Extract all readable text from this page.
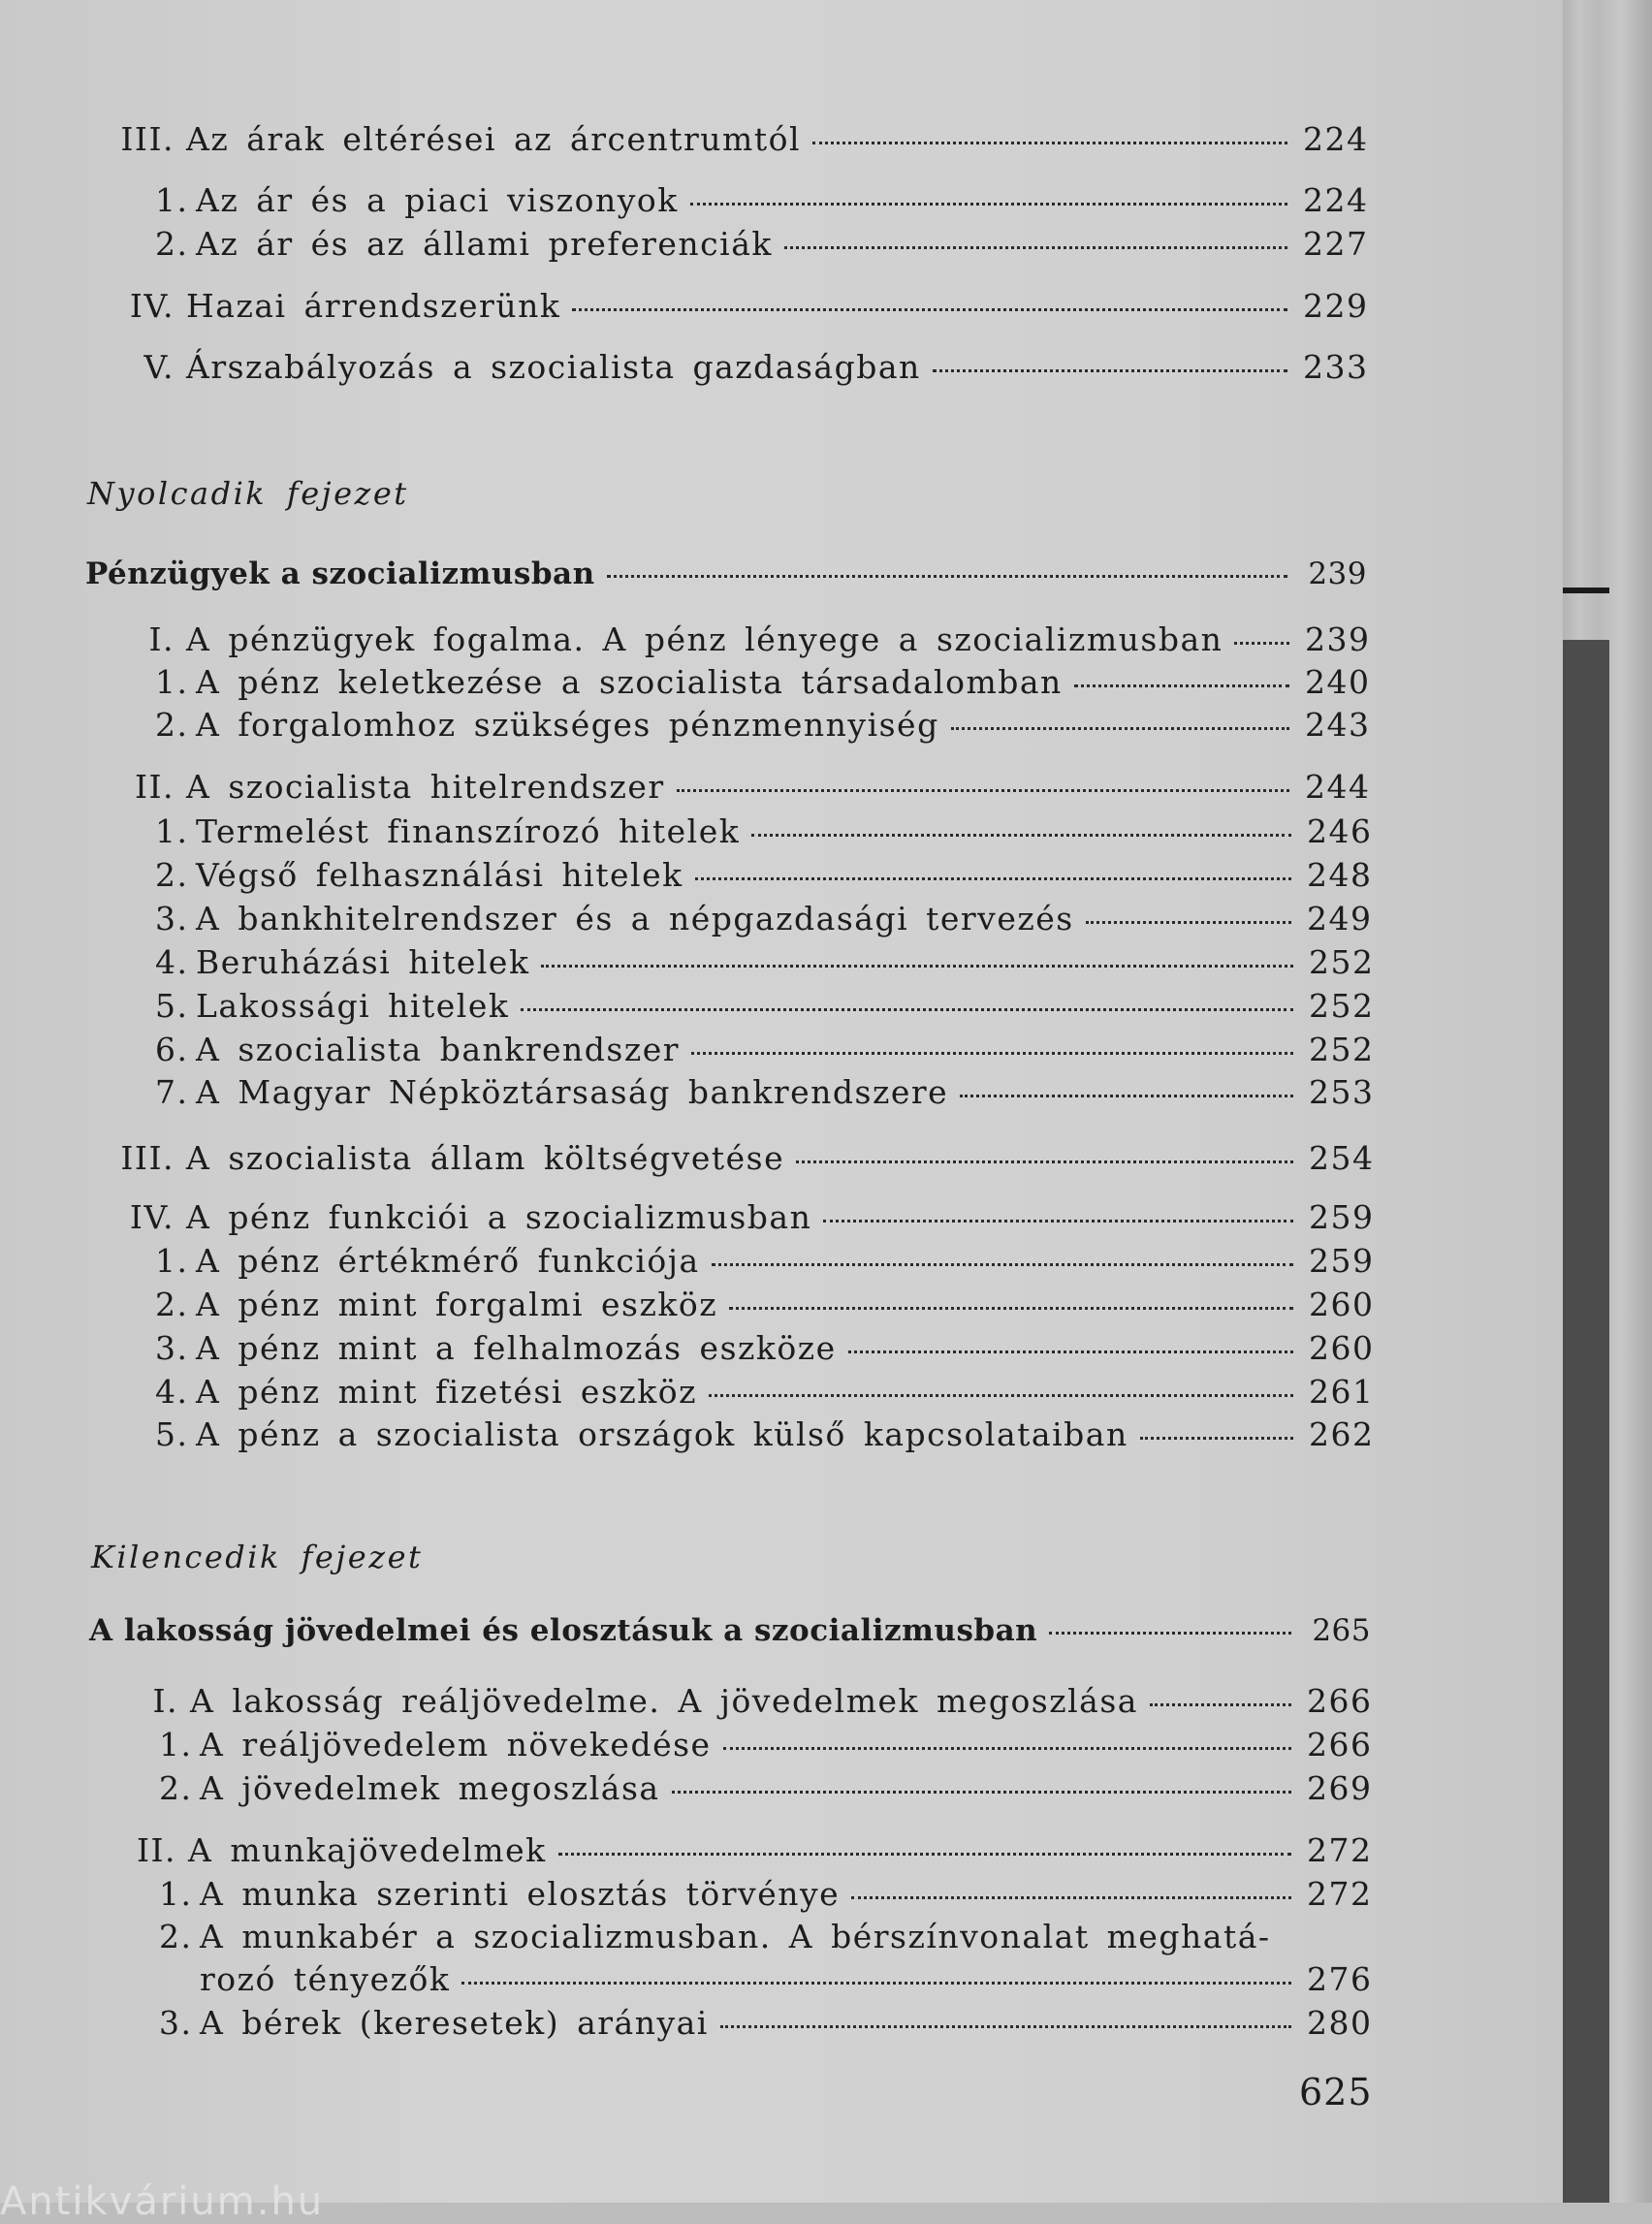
III. Az árak eltérései az árcentrumtól	224
1. Az ár és a piaci viszonyok	224
2. Az ár és az állami preferenciák	227
IV. Hazai árrendszerünk	229
V. Árszabályozás a szocialista gazdaságban	233
Nyolcadik fejezet
Pénzügyek a szocializmusban	239
I. A pénzügyek fogalma. A pénz lényege a szocializmusban	239
1. A pénz keletkezése a szocialista társadalomban	240
2. A forgalomhoz szükséges pénzmennyiség	243
II. A szocialista hitelrendszer	244
1. Termelést finanszírozó hitelek	246
2. Végső felhasználási hitelek	248
3. A bankhitelrendszer és a népgazdasági tervezés	249
4. Beruházási hitelek	252
5. Lakossági hitelek	252
6. A szocialista bankrendszer	252
7. A Magyar Népköztársaság bankrendszere	253
III. A szocialista állam költségvetése	254
IV. A pénz funkciói a szocializmusban	259
1. A pénz értékmérő funkciója	259
2. A pénz mint forgalmi eszköz	260
3. A pénz mint a felhalmozás eszköze	260
4. A pénz mint fizetési eszköz	261
5. A pénz a szocialista országok külső kapcsolataiban	262
Kilencedik fejezet
A lakosság jövedelmei és elosztásuk a szocializmusban	265
I. A lakosság reáljövedelme. A jövedelmek megoszlása	266
1. A reáljövedelem növekedése	266
2. A jövedelmek megoszlása	269
II. A munkajövedelmek	272
1. A munka szerinti elosztás törvénye	272
2. A munkabér a szocializmusban. A bérszínvonalat meghatá-
rozó tényezők	276
3. A bérek (keresetek) arányai	280
625
Antikvárium.hu
